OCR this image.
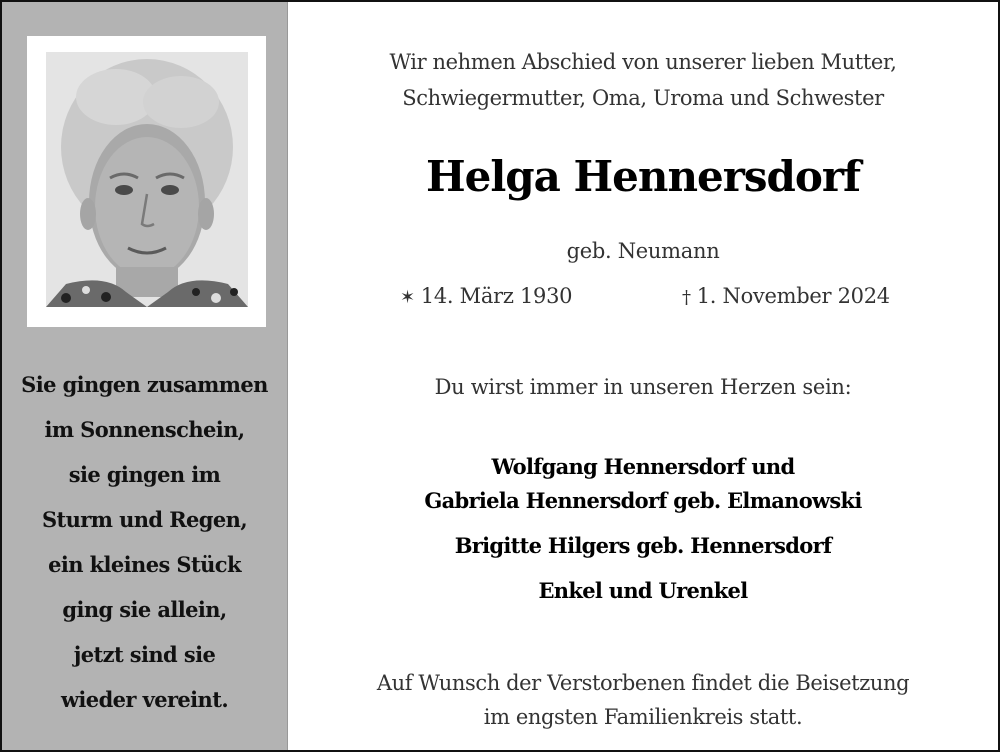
Sie gingen zusammen
im Sonnenschein,
sie gingen im
Sturm und Regen,
ein kleines Stück
ging sie allein,
jetzt sind sie
wieder vereint.
Wir nehmen Abschied von unserer lieben Mutter,
Schwiegermutter, Oma, Uroma und Schwester
Helga Hennersdorf
geb. Neumann
✶ 14. März 1930	† 1. November 2024
Du wirst immer in unseren Herzen sein:
Wolfgang Hennersdorf und
Gabriela Hennersdorf geb. Elmanowski
Brigitte Hilgers geb. Hennersdorf
Enkel und Urenkel
Auf Wunsch der Verstorbenen findet die Beisetzung
im engsten Familienkreis statt.
